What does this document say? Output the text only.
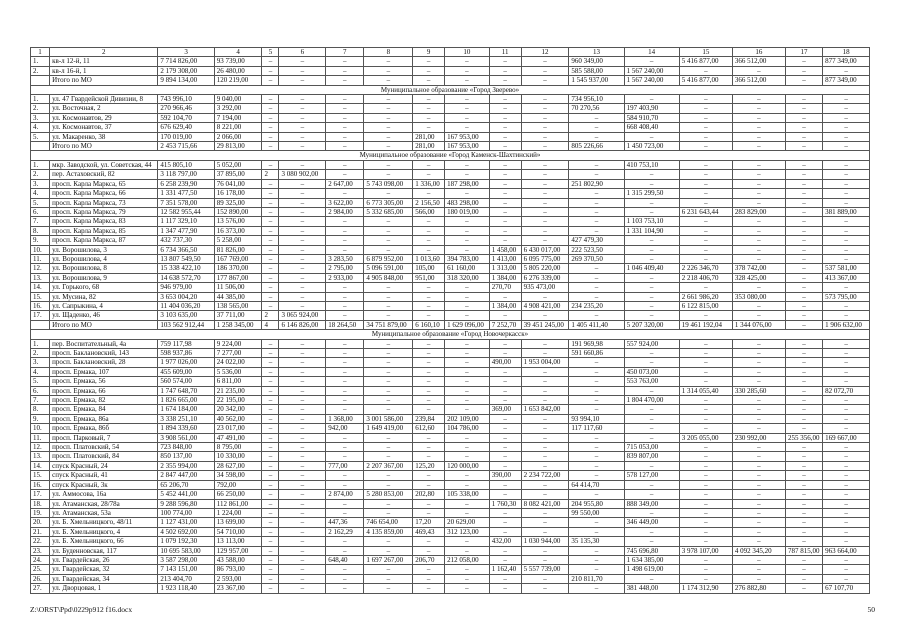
1	2	3	4	5	6	7	8	9	10	11	12	13	14	15	16	17	18
1.	кв-л 12-й, 11	7 714 826,00	93 739,00	–	–	–	–	–	–	–	–	960 349,00	–	5 416 877,00	366 512,00	–	877 349,00
2.	кв-л 16-й, 1	2 179 308,00	26 480,00	–	–	–	–	–	–	–	–	585 588,00	1 567 240,00	–	–	–	–
	Итого по МО	9 894 134,00	120 219,00	–	–	–	–	–	–	–	–	1 545 937,00	1 567 240,00	5 416 877,00	366 512,00	–	877 349,00
Муниципальное образование «Город Зверево»																	
1.	ул. 47 Гвардейской Дивизии, 8	743 996,10	9 040,00	–	–	–	–	–	–	–	–	734 956,10	–	–	–	–	–
2.	ул. Восточная, 2	270 966,46	3 292,00	–	–	–	–	–	–	–	–	70 270,56	197 403,90	–	–	–	–
3.	ул. Космонавтов, 29	592 104,70	7 194,00	–	–	–	–	–	–	–	–	–	584 910,70	–	–	–	–
4.	ул. Космонавтов, 37	676 629,40	8 221,00	–	–	–	–	–	–	–	–	–	668 408,40	–	–	–	–
5.	ул. Макаренко, 38	170 019,00	2 066,00	–	–	–	–	281,00	167 953,00	–	–	–	–	–	–	–	–
	Итого по МО	2 453 715,66	29 813,00	–	–	–	–	281,00	167 953,00	–	–	805 226,66	1 450 723,00	–	–	–	–
Муниципальное образование «Город Каменск-Шахтинский»																	
1.	мкр. Заводской, ул. Советская, 44	415 805,10	5 052,00	–	–	–	–	–	–	–	–	–	410 753,10	–	–	–	–
2.	пер. Астаховский, 82	3 118 797,00	37 895,00	2	3 080 902,00	–	–	–	–	–	–	–	–	–	–	–	–
3.	просп. Карла Маркса, 65	6 258 239,90	76 041,00	–	–	2 647,00	5 743 098,00	1 336,00	187 298,00	–	–	251 802,90	–	–	–	–	–
4.	просп. Карла Маркса, 66	1 331 477,50	16 178,00	–	–	–	–	–	–	–	–	–	1 315 299,50	–	–	–	–
5.	просп. Карла Маркса, 73	7 351 578,00	89 325,00	–	–	3 622,00	6 773 305,00	2 156,50	483 298,00	–	–	–	–	–	–	–	–
6.	просп. Карла Маркса, 79	12 582 955,44	152 890,00	–	–	2 984,00	5 332 685,00	566,00	180 019,00	–	–	–	–	6 231 643,44	283 829,00	–	381 889,00
7.	просп. Карла Маркса, 83	1 117 329,10	13 576,00	–	–	–	–	–	–	–	–	–	1 103 753,10	–	–	–	–
8.	просп. Карла Маркса, 85	1 347 477,90	16 373,00	–	–	–	–	–	–	–	–	–	1 331 104,90	–	–	–	–
9.	просп. Карла Маркса, 87	432 737,30	5 258,00	–	–	–	–	–	–	–	–	427 479,30	–	–	–	–	–
10.	ул. Ворошилова, 3	6 734 366,50	81 826,00	–	–	–	–	–	–	1 458,00	6 430 017,00	222 523,50	–	–	–	–	–
11.	ул. Ворошилова, 4	13 807 549,50	167 769,00	–	–	3 283,50	6 879 952,00	1 013,60	394 783,00	1 413,00	6 095 775,00	269 370,50	–	–	–	–	–
12.	ул. Ворошилова, 8	15 338 422,10	186 370,00	–	–	2 795,00	5 096 591,00	105,00	61 160,00	1 313,00	5 805 220,00	–	1 046 409,40	2 226 346,70	378 742,00	–	537 581,00
13.	ул. Ворошилова, 9	14 638 572,70	177 867,00	–	–	2 933,00	4 905 848,00	951,00	318 320,00	1 384,00	6 276 339,00	–	–	2 218 406,70	328 425,00	–	413 367,00
14.	ул. Горького, 68	946 979,00	11 506,00	–	–	–	–	–	–	270,70	935 473,00	–	–	–	–	–	–
15.	ул. Мусина, 82	3 653 004,20	44 385,00	–	–	–	–	–	–	–	–	–	–	2 661 986,20	353 080,00	–	573 795,00
16.	ул. Сапрыкина, 4	11 404 036,20	138 565,00	–	–	–	–	–	–	1 384,00	4 908 421,00	234 235,20	–	6 122 815,00	–	–	–
17.	ул. Щаденко, 46	3 103 635,00	37 711,00	2	3 065 924,00	–	–	–	–	–	–	–	–	–	–	–	–
	Итого по МО	103 562 912,44	1 258 345,00	4	6 146 826,00	18 264,50	34 751 879,00	6 160,10	1 629 096,00	7 252,70	39 451 245,00	1 405 411,40	5 207 320,00	19 461 192,04	1 344 076,00	–	1 906 632,00
Муниципальное образование «Город Новочеркасск»																	
1.	пер. Воспитательный, 4а	759 117,98	9 224,00	–	–	–	–	–	–	–	–	191 969,98	557 924,00	–	–	–	–
2.	просп. Баклановский, 143	598 937,86	7 277,00	–	–	–	–	–	–	–	–	591 660,86	–	–	–	–	–
3.	просп. Баклановский, 28	1 977 026,00	24 022,00	–	–	–	–	–	–	490,00	1 953 004,00	–	–	–	–	–	–
4.	просп. Ермака, 107	455 609,00	5 536,00	–	–	–	–	–	–	–	–	–	450 073,00	–	–	–	–
5.	просп. Ермака, 56	560 574,00	6 811,00	–	–	–	–	–	–	–	–	–	553 763,00	–	–	–	–
6.	просп. Ермака, 66	1 747 648,70	21 235,00	–	–	–	–	–	–	–	–	–	–	1 314 055,40	330 285,60	–	82 072,70
7.	просп. Ермака, 82	1 826 665,00	22 195,00	–	–	–	–	–	–	–	–	–	1 804 470,00	–	–	–	–
8.	просп. Ермака, 84	1 674 184,00	20 342,00	–	–	–	–	–	–	369,00	1 653 842,00	–	–	–	–	–	–
9.	просп. Ермака, 86а	3 338 251,10	40 562,00	–	–	1 368,00	3 001 586,00	239,84	202 109,00	–	–	93 994,10	–	–	–	–	–
10.	просп. Ермака, 86б	1 894 339,60	23 017,00	–	–	942,00	1 649 419,00	612,60	104 786,00	–	–	117 117,60	–	–	–	–	–
11.	просп. Парковый, 7	3 908 561,00	47 491,00	–	–	–	–	–	–	–	–	–	–	3 205 055,00	230 992,00	255 356,00	169 667,00
12.	просп. Платовский, 54	723 848,00	8 795,00	–	–	–	–	–	–	–	–	–	715 053,00	–	–	–	–
13.	просп. Платовский, 84	850 137,00	10 330,00	–	–	–	–	–	–	–	–	–	839 807,00	–	–	–	–
14.	спуск Красный, 24	2 355 994,00	28 627,00	–	–	777,00	2 207 367,00	125,20	120 000,00	–	–	–	–	–	–	–	–
15.	спуск Красный, 41	2 847 447,00	34 598,00	–	–	–	–	–	–	390,00	2 234 722,00	–	578 127,00	–	–	–	–
16.	спуск Красный, 3к	65 206,70	792,00	–	–	–	–	–	–	–	–	64 414,70	–	–	–	–	–
17.	ул. Аммосова, 16а	5 452 441,00	66 250,00	–	–	2 874,00	5 280 853,00	202,80	105 338,00	–	–	–	–	–	–	–	–
18.	ул. Атаманская, 28/78а	9 288 596,80	112 861,00	–	–	–	–	–	–	1 760,30	8 082 421,00	204 955,80	888 349,00	–	–	–	–
19.	ул. Атаманская, 53а	100 774,00	1 224,00	–	–	–	–	–	–	–	–	99 550,00	–	–	–	–	–
20.	ул. Б. Хмельницкого, 48/11	1 127 431,00	13 699,00	–	–	447,36	746 654,00	17,20	20 629,00	–	–	–	346 449,00	–	–	–	–
21.	ул. Б. Хмельницкого, 4	4 502 692,00	54 710,00	–	–	2 162,29	4 135 859,00	469,43	312 123,00	–	–	–	–	–	–	–	–
22.	ул. Б. Хмельницкого, 66	1 079 192,30	13 113,00	–	–	–	–	–	–	432,00	1 030 944,00	35 135,30	–	–	–	–	–
23.	ул. Буденновская, 117	10 695 583,00	129 957,00	–	–	–	–	–	–	–	–	–	745 696,80	3 978 107,00	4 092 345,20	787 815,00	963 664,00
24.	ул. Гвардейская, 26	3 587 298,00	43 588,00	–	–	648,40	1 697 267,00	206,70	212 058,00	–	–	–	1 634 385,00	–	–	–	–
25.	ул. Гвардейская, 32	7 143 151,00	86 793,00	–	–	–	–	–	–	1 162,40	5 557 739,00	–	1 498 619,00	–	–	–	–
26.	ул. Гвардейская, 34	213 404,70	2 593,00	–	–	–	–	–	–	–	–	210 811,70	–	–	–	–	–
27.	ул. Дворцовая, 1	1 923 118,40	23 367,00	–	–	–	–	–	–	–	–	–	381 448,00	1 174 312,90	276 882,80	–	67 107,70
Z:\ORST\Ppd\0229p912 f16.docx	50
